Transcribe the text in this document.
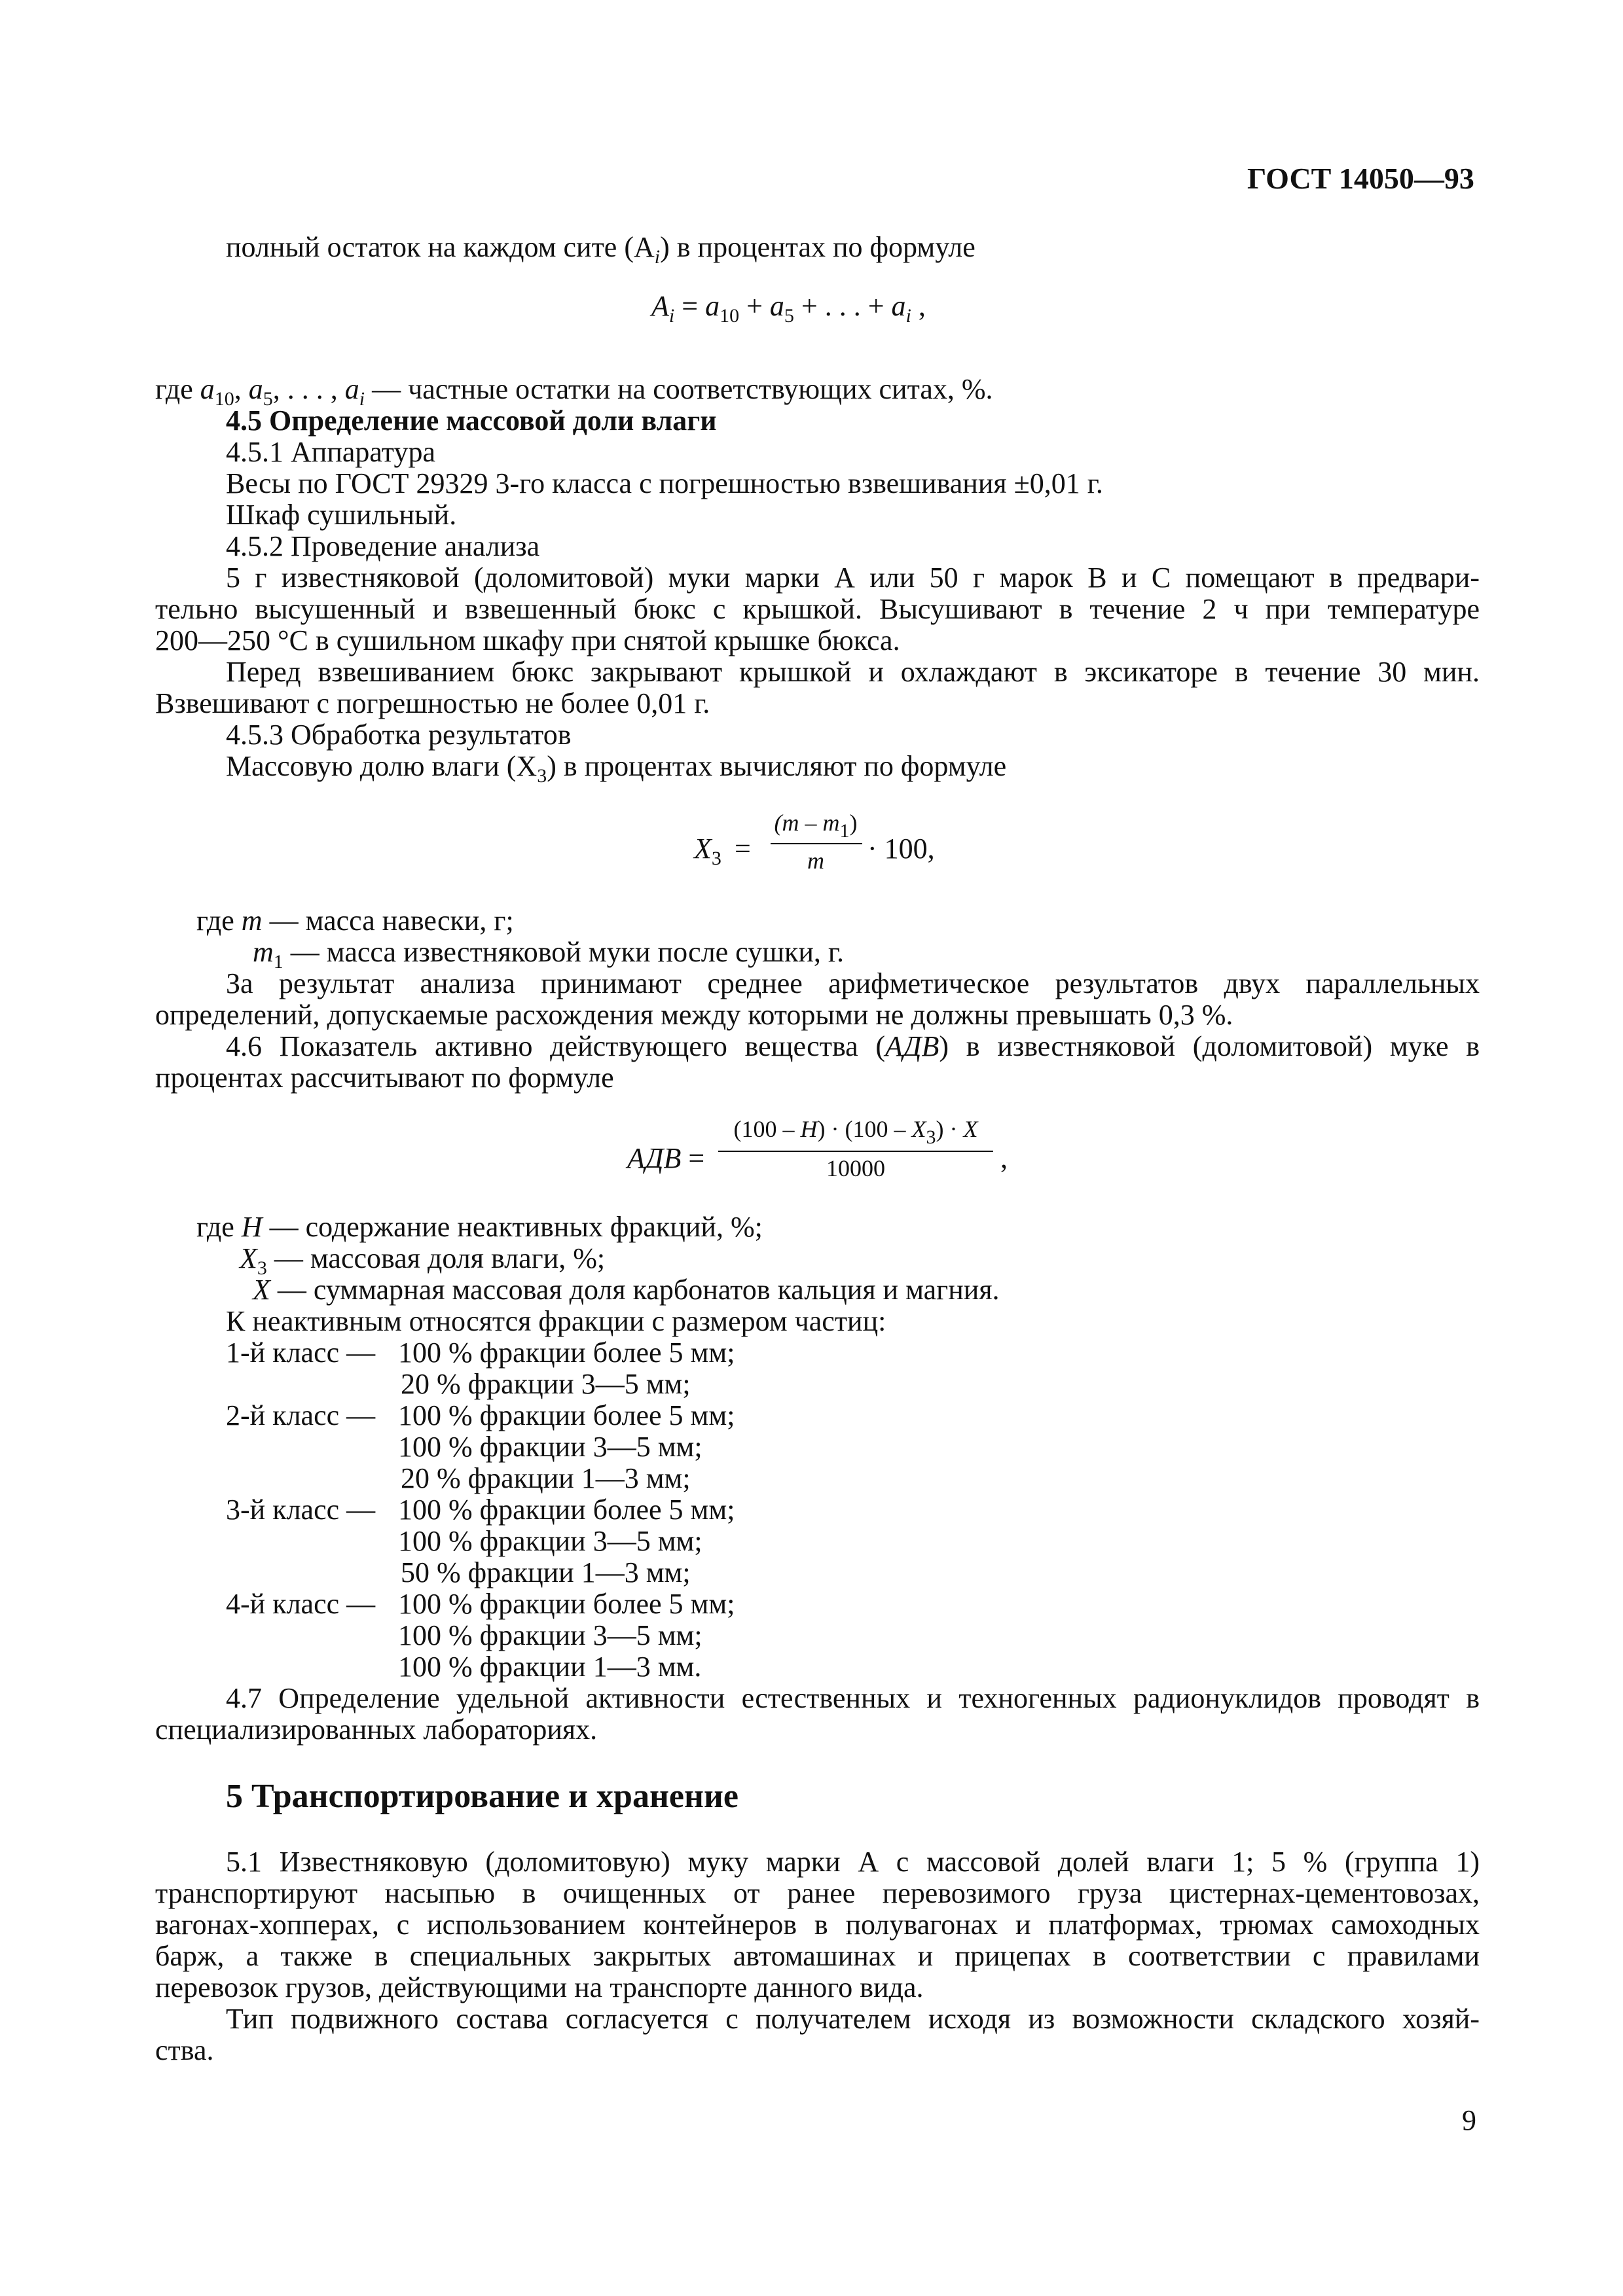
ГОСТ 14050—93
полный остаток на каждом сите $(A_i)$ в процентах по формуле
$A_i = a_{10} + a_5$ + . . . + $a_i$ ,
где $a_{10}$, $a_5$, . . . , $a_i$ — частные остатки на соответствующих ситах, %.
4.5 Определение массовой доли влаги
4.5.1 Аппаратура
Весы по ГОСТ 29329 3-го класса с погрешностью взвешивания ±0,01 г.
Шкаф сушильный.
4.5.2 Проведение анализа
5 г известняковой (доломитовой) муки марки А или 50 г марок В и С помещают в предвари-
тельно высушенный и взвешенный бюкс с крышкой. Высушивают в течение 2 ч при температуре
200—250 °С в сушильном шкафу при снятой крышке бюкса.
Перед взвешиванием бюкс закрывают крышкой и охлаждают в эксикаторе в течение 30 мин.
Взвешивают с погрешностью не более 0,01 г.
4.5.3 Обработка результатов
Массовую долю влаги $(X_3)$ в процентах вычисляют по формуле
$X_3$ =
$(m - m_1)$
m	· 100,
где m — масса навески, г;
$m_1$ — масса известняковой муки после сушки, г.
За результат анализа принимают среднее арифметическое результатов двух параллельных
определений, допускаемые расхождения между которыми не должны превышать 0,3 %.
4.6 Показатель активно действующего вещества (АДВ) в известняковой (доломитовой) муке в
процентах рассчитывают по формуле
АДВ =
$(100 - Н) \cdot (100 - X_3) \cdot X$
10000	,
где Н — содержание неактивных фракций, %;
$X_3$ — массовая доля влаги, %;
X — суммарная массовая доля карбонатов кальция и магния.
К неактивным относятся фракции с размером частиц:
1-й класс — 100 % фракции более 5 мм;
20 % фракции 3—5 мм;
2-й класс — 100 % фракции более 5 мм;
100 % фракции 3—5 мм;
20 % фракции 1—3 мм;
3-й класс — 100 % фракции более 5 мм;
100 % фракции 3—5 мм;
50 % фракции 1—3 мм;
4-й класс — 100 % фракции более 5 мм;
100 % фракции 3—5 мм;
100 % фракции 1—3 мм.
4.7 Определение удельной активности естественных и техногенных радионуклидов проводят в
специализированных лабораториях.
5 Транспортирование и хранение
5.1 Известняковую (доломитовую) муку марки А с массовой долей влаги 1; 5 % (группа 1)
транспортируют насыпью в очищенных от ранее перевозимого груза цистернах-цементовозах,
вагонах-хопперах, с использованием контейнеров в полувагонах и платформах, трюмах самоходных
барж, а также в специальных закрытых автомашинах и прицепах в соответствии с правилами
перевозок грузов, действующими на транспорте данного вида.
Тип подвижного состава согласуется с получателем исходя из возможности складского хозяй-
ства.
9
